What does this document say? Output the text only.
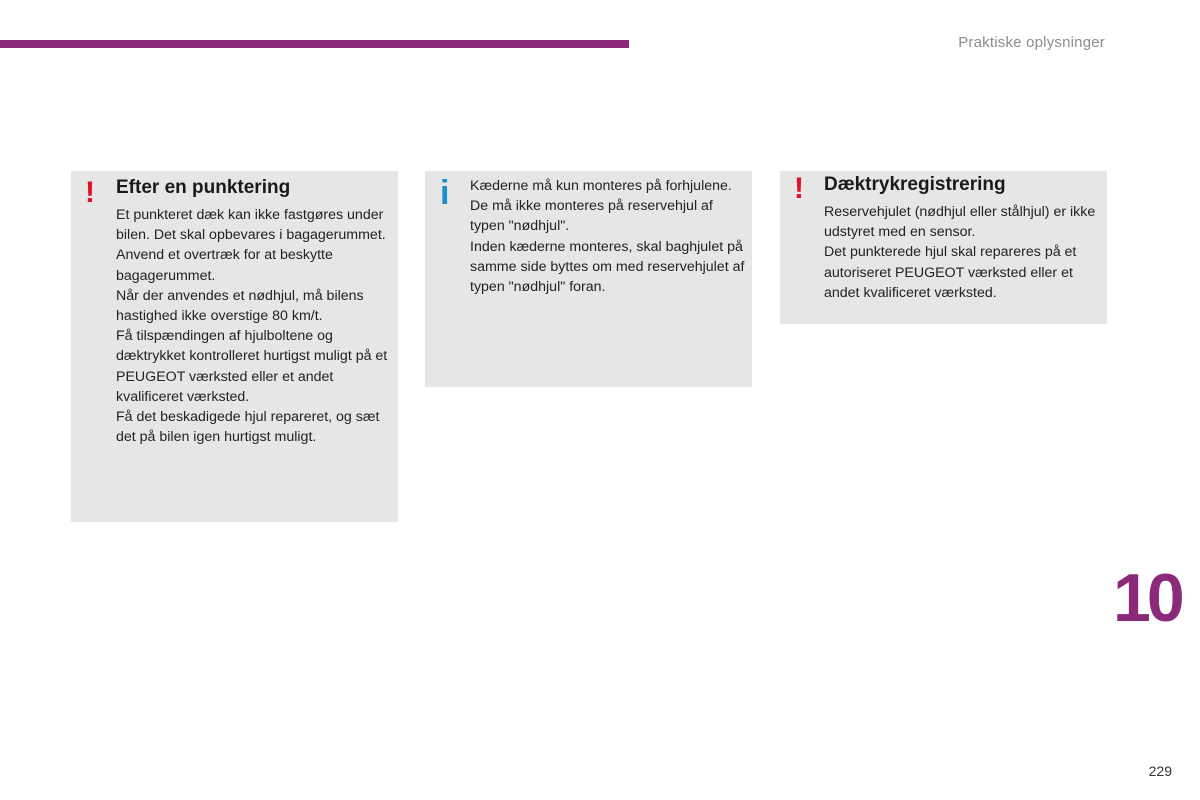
Praktiske oplysninger
! Efter en punktering

Et punkteret dæk kan ikke fastgøres under bilen. Det skal opbevares i bagagerummet. Anvend et overtræk for at beskytte bagagerummet.

Når der anvendes et nødhjul, må bilens hastighed ikke overstige 80 km/t.

Få tilspændingen af hjulboltene og dæktrykket kontrolleret hurtigst muligt på et PEUGEOT værksted eller et andet kvalificeret værksted.

Få det beskadigede hjul repareret, og sæt det på bilen igen hurtigst muligt.

i Kæderne må kun monteres på forhjulene. De må ikke monteres på reservehjul af typen "nødhjul".

Inden kæderne monteres, skal baghjulet på samme side byttes om med reservehjulet af typen "nødhjul" foran.

! Dæktrykregistrering

Reservehjulet (nødhjul eller stålhjul) er ikke udstyret med en sensor.

Det punkterede hjul skal repareres på et autoriseret PEUGEOT værksted eller et andet kvalificeret værksted.

10
229
